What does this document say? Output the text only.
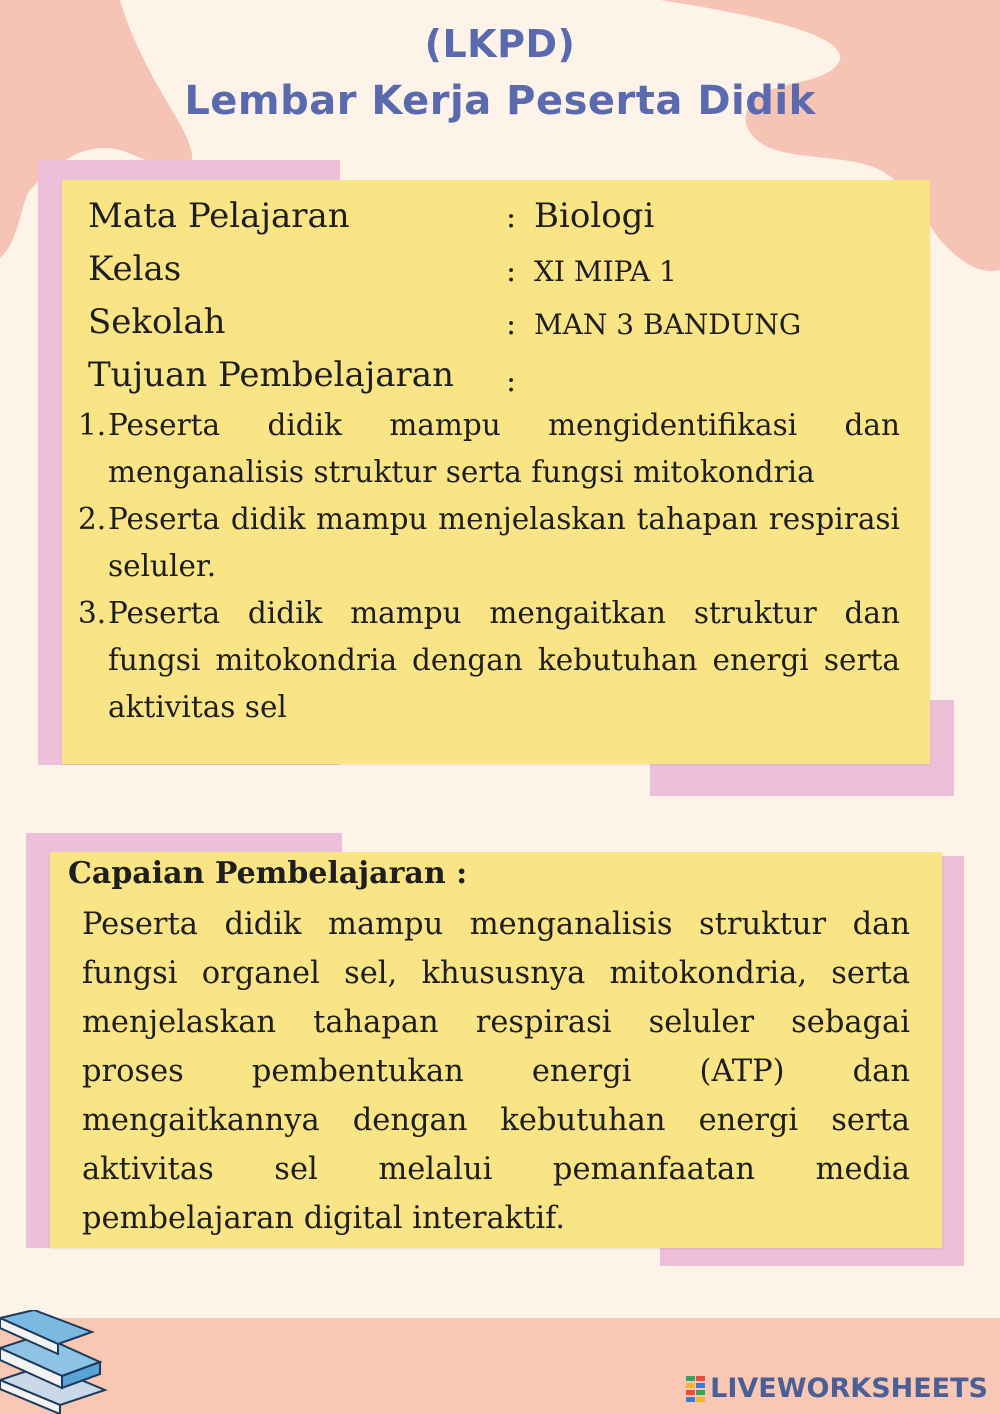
(LKPD)
Lembar Kerja Peserta Didik
Mata Pelajaran	: Biologi
Kelas	: XI MIPA 1
Sekolah	: MAN 3 BANDUNG
Tujuan Pembelajaran :
1. Peserta didik mampu mengidentifikasi dan menganalisis struktur serta fungsi mitokondria
2. Peserta didik mampu menjelaskan tahapan respirasi seluler.
3. Peserta didik mampu mengaitkan struktur dan fungsi mitokondria dengan kebutuhan energi serta aktivitas sel
Capaian Pembelajaran :
Peserta didik mampu menganalisis struktur dan fungsi organel sel, khususnya mitokondria, serta menjelaskan tahapan respirasi seluler sebagai proses pembentukan energi (ATP) dan mengaitkannya dengan kebutuhan energi serta aktivitas sel melalui pemanfaatan media pembelajaran digital interaktif.
LIVEWORKSHEETS
